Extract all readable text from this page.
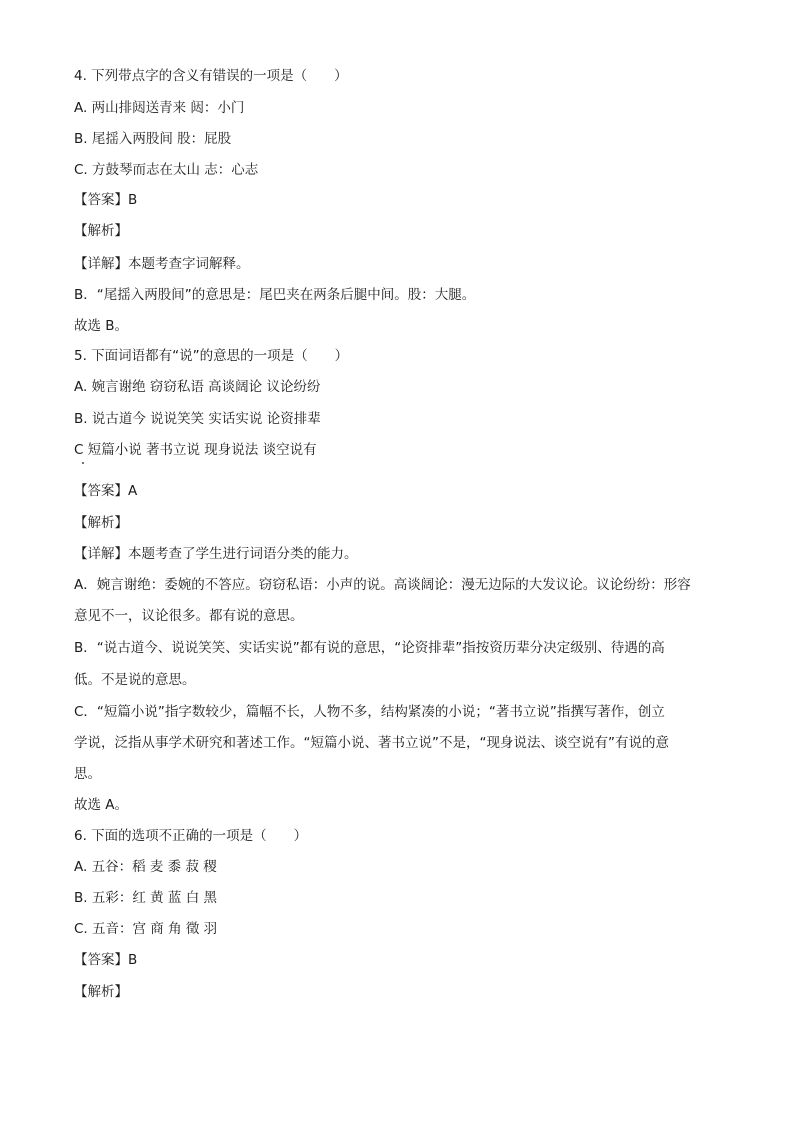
4. 下列带点字的含义有错误的一项是（　　）
A. 两山排闼送青来 闼：小门
B. 尾揺入两股间 股：屁股
C. 方鼓琴而志在太山 志：心志
【答案】B
【解析】
【详解】本题考查字词解释。
B．“尾揺入两股间”的意思是：尾巴夹在两条后腿中间。股：大腿。
故选 B。
5. 下面词语都有“说”的意思的一项是（　　）
A. 婉言谢绝 窃窃私语 高谈阔论 议论纷纷
B. 说古道今 说说笑笑 实话实说 论资排辈
C 短篇小说 著书立说 现身说法 谈空说有
【答案】A
【解析】
【详解】本题考查了学生进行词语分类的能力。
A．婉言谢绝：委婉的不答应。窃窃私语：小声的说。高谈阔论：漫无边际的大发议论。议论纷纷：形容
意见不一，议论很多。都有说的意思。
B．“说古道今、说说笑笑、实话实说”都有说的意思，“论资排辈”指按资历辈分决定级别、待遇的高
低。不是说的意思。
C．“短篇小说”指字数较少，篇幅不长，人物不多，结构紧凑的小说；“著书立说”指撰写著作，创立
学说，泛指从事学术研究和著述工作。“短篇小说、著书立说”不是，“现身说法、谈空说有”有说的意
思。
故选 A。
6. 下面的选项不正确的一项是（　　）
A. 五谷：稻 麦 黍 菽 稷
B. 五彩：红 黄 蓝 白 黑
C. 五音：宫 商 角 徵 羽
【答案】B
【解析】
